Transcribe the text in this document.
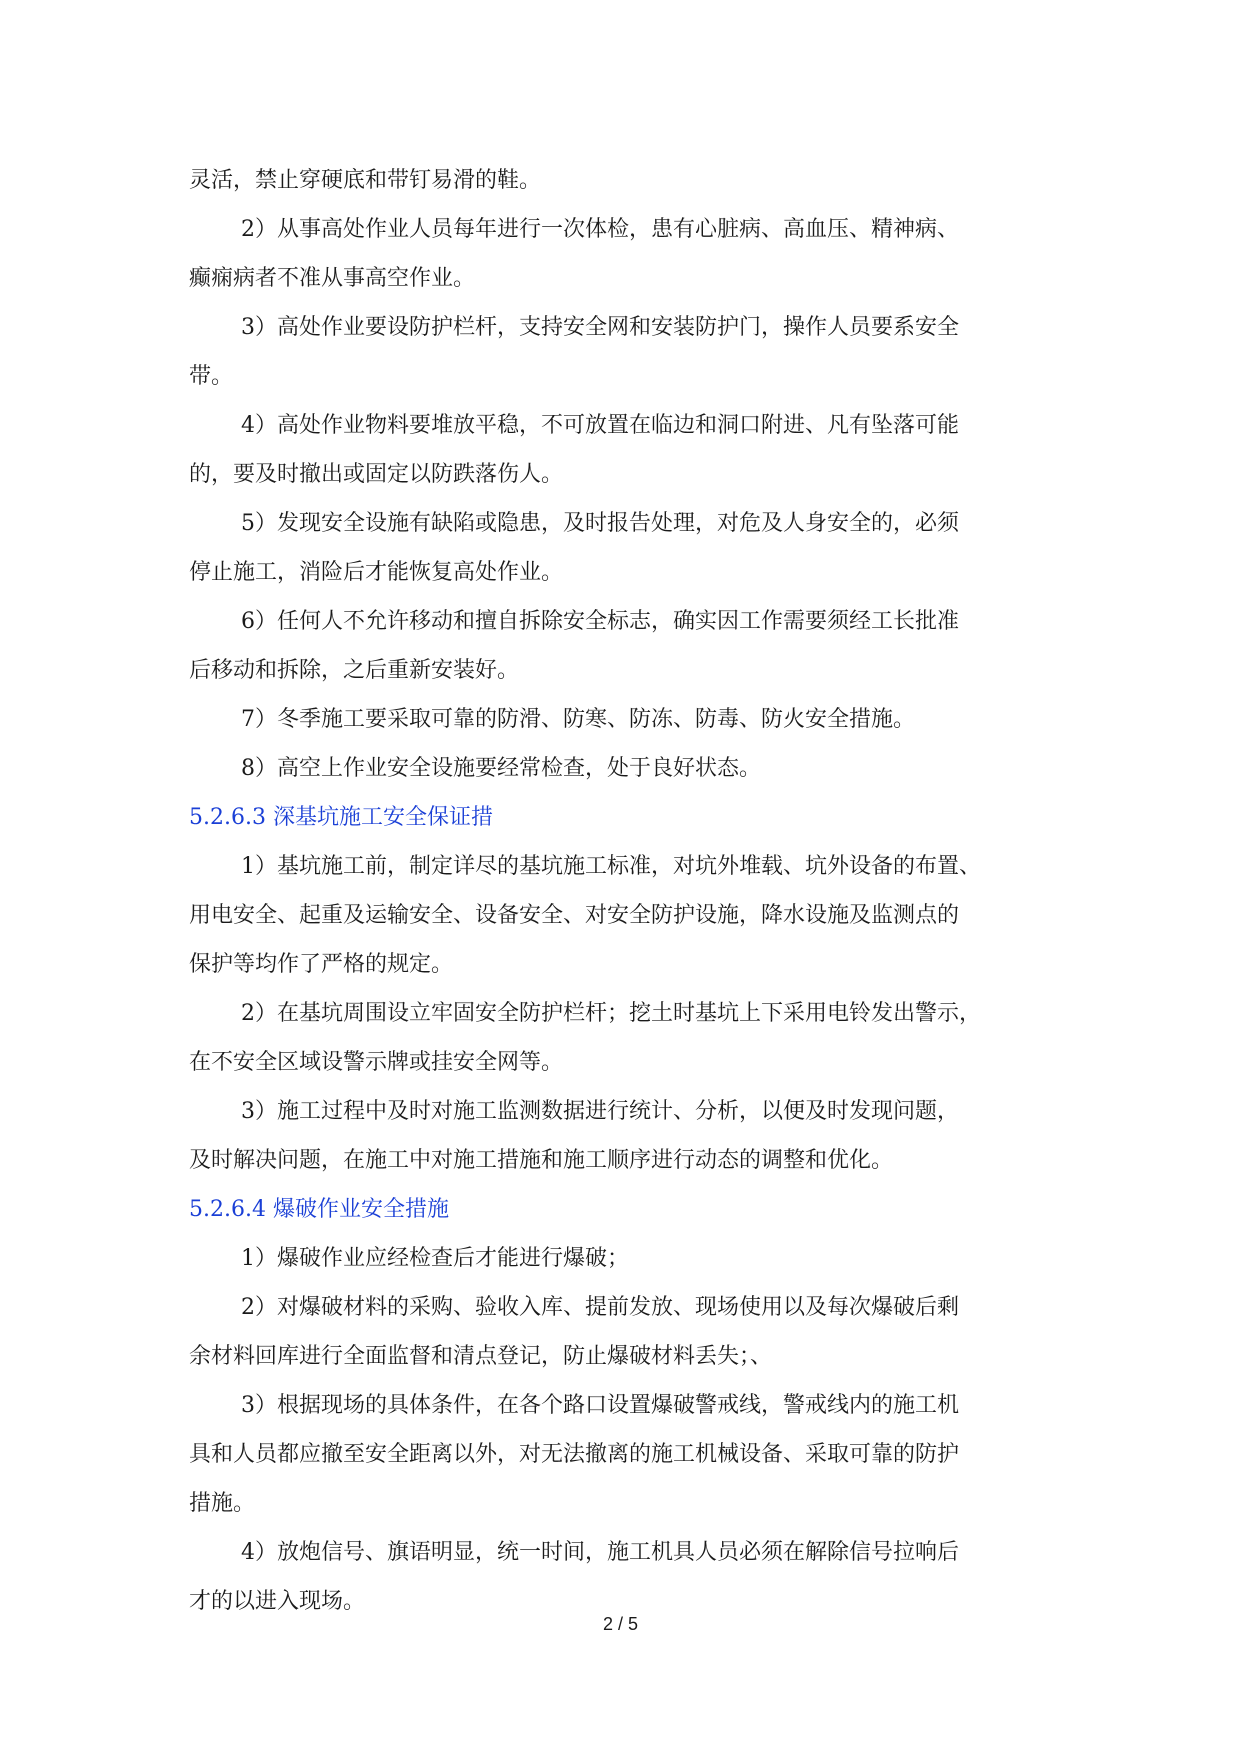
灵活，禁止穿硬底和带钉易滑的鞋。
2）从事高处作业人员每年进行一次体检，患有心脏病、高血压、精神病、
癫痫病者不准从事高空作业。
3）高处作业要设防护栏杆，支持安全网和安装防护门，操作人员要系安全
带。
4）高处作业物料要堆放平稳，不可放置在临边和洞口附进、凡有坠落可能
的，要及时撤出或固定以防跌落伤人。
5）发现安全设施有缺陷或隐患，及时报告处理，对危及人身安全的，必须
停止施工，消险后才能恢复高处作业。
6）任何人不允许移动和擅自拆除安全标志，确实因工作需要须经工长批准
后移动和拆除，之后重新安装好。
7）冬季施工要采取可靠的防滑、防寒、防冻、防毒、防火安全措施。
8）高空上作业安全设施要经常检查，处于良好状态。
5.2.6.3 深基坑施工安全保证措
1）基坑施工前，制定详尽的基坑施工标准，对坑外堆载、坑外设备的布置、
用电安全、起重及运输安全、设备安全、对安全防护设施，降水设施及监测点的
保护等均作了严格的规定。
2）在基坑周围设立牢固安全防护栏杆；挖土时基坑上下采用电铃发出警示，
在不安全区域设警示牌或挂安全网等。
3）施工过程中及时对施工监测数据进行统计、分析，以便及时发现问题，
及时解决问题，在施工中对施工措施和施工顺序进行动态的调整和优化。
5.2.6.4 爆破作业安全措施
1）爆破作业应经检查后才能进行爆破；
2）对爆破材料的采购、验收入库、提前发放、现场使用以及每次爆破后剩
余材料回库进行全面监督和清点登记，防止爆破材料丢失；、
3）根据现场的具体条件，在各个路口设置爆破警戒线，警戒线内的施工机
具和人员都应撤至安全距离以外，对无法撤离的施工机械设备、采取可靠的防护
措施。
4）放炮信号、旗语明显，统一时间，施工机具人员必须在解除信号拉响后
才的以进入现场。
2 / 5
